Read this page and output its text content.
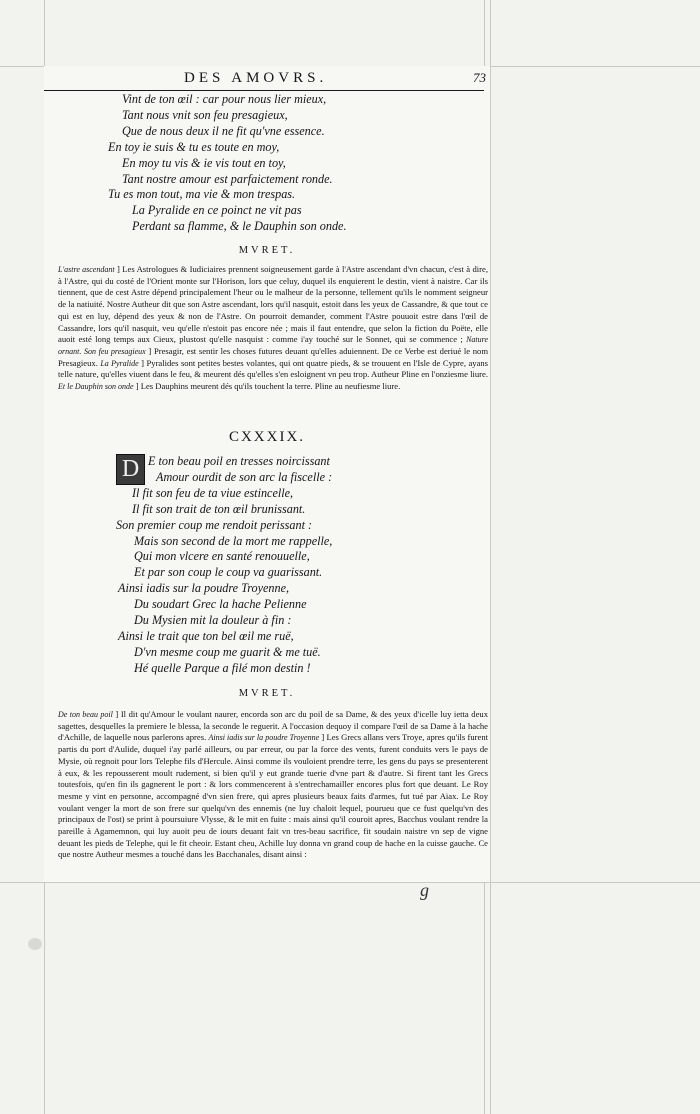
DES AMOVRS.	73
Vint de ton œil : car pour nous lier mieux,
Tant nous vnit son feu presagieux,
Que de nous deux il ne fit qu'vne essence.
En toy ie suis & tu es toute en moy,
En moy tu vis & ie vis tout en toy,
Tant nostre amour est parfaictement ronde.
Tu es mon tout, ma vie & mon trespas.
La Pyralide en ce poinct ne vit pas
Perdant sa flamme, & le Dauphin son onde.
MVRET.

L'astre ascendant ] Les Astrologues & Iudiciaires prennent soigneusement garde à l'Astre ascendant d'vn chacun, c'est à dire, à l'Astre, qui du costé de l'Orient monte sur l'Horison, lors que celuy, duquel ils enquierent le destin, vient à naistre. Car ils tiennent, que de cest Astre dépend principalement l'heur ou le malheur de la personne, tellement qu'ils le nomment seigneur de la natiuité. Nostre Autheur dit que son Astre ascendant, lors qu'il nasquit, estoit dans les yeux de Cassandre, & que tout ce qui est en luy, dépend des yeux & non de l'Astre. On pourroit demander, comment l'Astre pouuoit estre dans l'œil de Cassandre, lors qu'il nasquit, veu qu'elle n'estoit pas encore née ; mais il faut entendre, que selon la fiction du Poëte, elle auoit esté long temps aux Cieux, plustost qu'elle nasquist : comme i'ay touché sur le Sonnet, qui se commence ; Nature ornant. Son feu presagieux ] Presagir, est sentir les choses futures deuant qu'elles aduiennent. De ce Verbe est deriué le nom Presagieux. La Pyralide ] Pyralides sont petites bestes volantes, qui ont quatre pieds, & se trouuent en l'Isle de Cypre, ayans telle nature, qu'elles viuent dans le feu, & meurent dés qu'elles s'en esloignent vn peu trop. Autheur Pline en l'onziesme liure. Et le Dauphin son onde ] Les Dauphins meurent dés qu'ils touchent la terre. Pline au neufiesme liure.

CXXXIX.
D E ton beau poil en tresses noircissant
Amour ourdit de son arc la fiscelle :
Il fit son feu de ta viue estincelle,
Il fit son trait de ton œil brunissant.
Son premier coup me rendoit perissant :
Mais son second de la mort me rappelle,
Qui mon vlcere en santé renouuelle,
Et par son coup le coup va guarissant.
Ainsi iadis sur la poudre Troyenne,
Du soudart Grec la hache Pelienne
Du Mysien mit la douleur à fin :
Ainsi le trait que ton bel œil me ruë,
D'vn mesme coup me guarit & me tuë.
Hé quelle Parque a filé mon destin !
MVRET.

De ton beau poil ] Il dit qu'Amour le voulant naurer, encorda son arc du poil de sa Dame, & des yeux d'icelle luy ietta deux sagettes, desquelles la premiere le blessa, la seconde le reguerit. A l'occasion dequoy il compare l'œil de sa Dame à la hache d'Achille, de laquelle nous parlerons apres. Ainsi iadis sur la poudre Troyenne ] Les Grecs allans vers Troye, apres qu'ils furent partis du port d'Aulide, duquel i'ay parlé ailleurs, ou par erreur, ou par la force des vents, furent conduits vers le pays de Mysie, où regnoit pour lors Telephe fils d'Hercule. Ainsi comme ils vouloient prendre terre, les gens du pays se presenterent à eux, & les repousserent moult rudement, si bien qu'il y eut grande tuerie d'vne part & d'autre. Si firent tant les Grecs toutesfois, qu'en fin ils gagnerent le port : & lors commencerent à s'entrechamailler encores plus fort que deuant. Le Roy mesme y vint en personne, accompagné d'vn sien frere, qui apres plusieurs beaux faits d'armes, fut tué par Aiax. Le Roy voulant venger la mort de son frere sur quelqu'vn des ennemis (ne luy chaloit lequel, pourueu que ce fust quelqu'vn des principaux de l'ost) se print à poursuiure Vlysse, & le mit en fuite : mais ainsi qu'il couroit apres, Bacchus voulant rendre la pareille à Agamemnon, qui luy auoit peu de iours deuant fait vn tres-beau sacrifice, fit soudain naistre vn sep de vigne deuant les pieds de Telephe, qui le fit cheoir. Estant cheu, Achille luy donna vn grand coup de hache en la cuisse gauche. Ce que nostre Autheur mesmes a touché dans les Bacchanales, disant ainsi :

g
